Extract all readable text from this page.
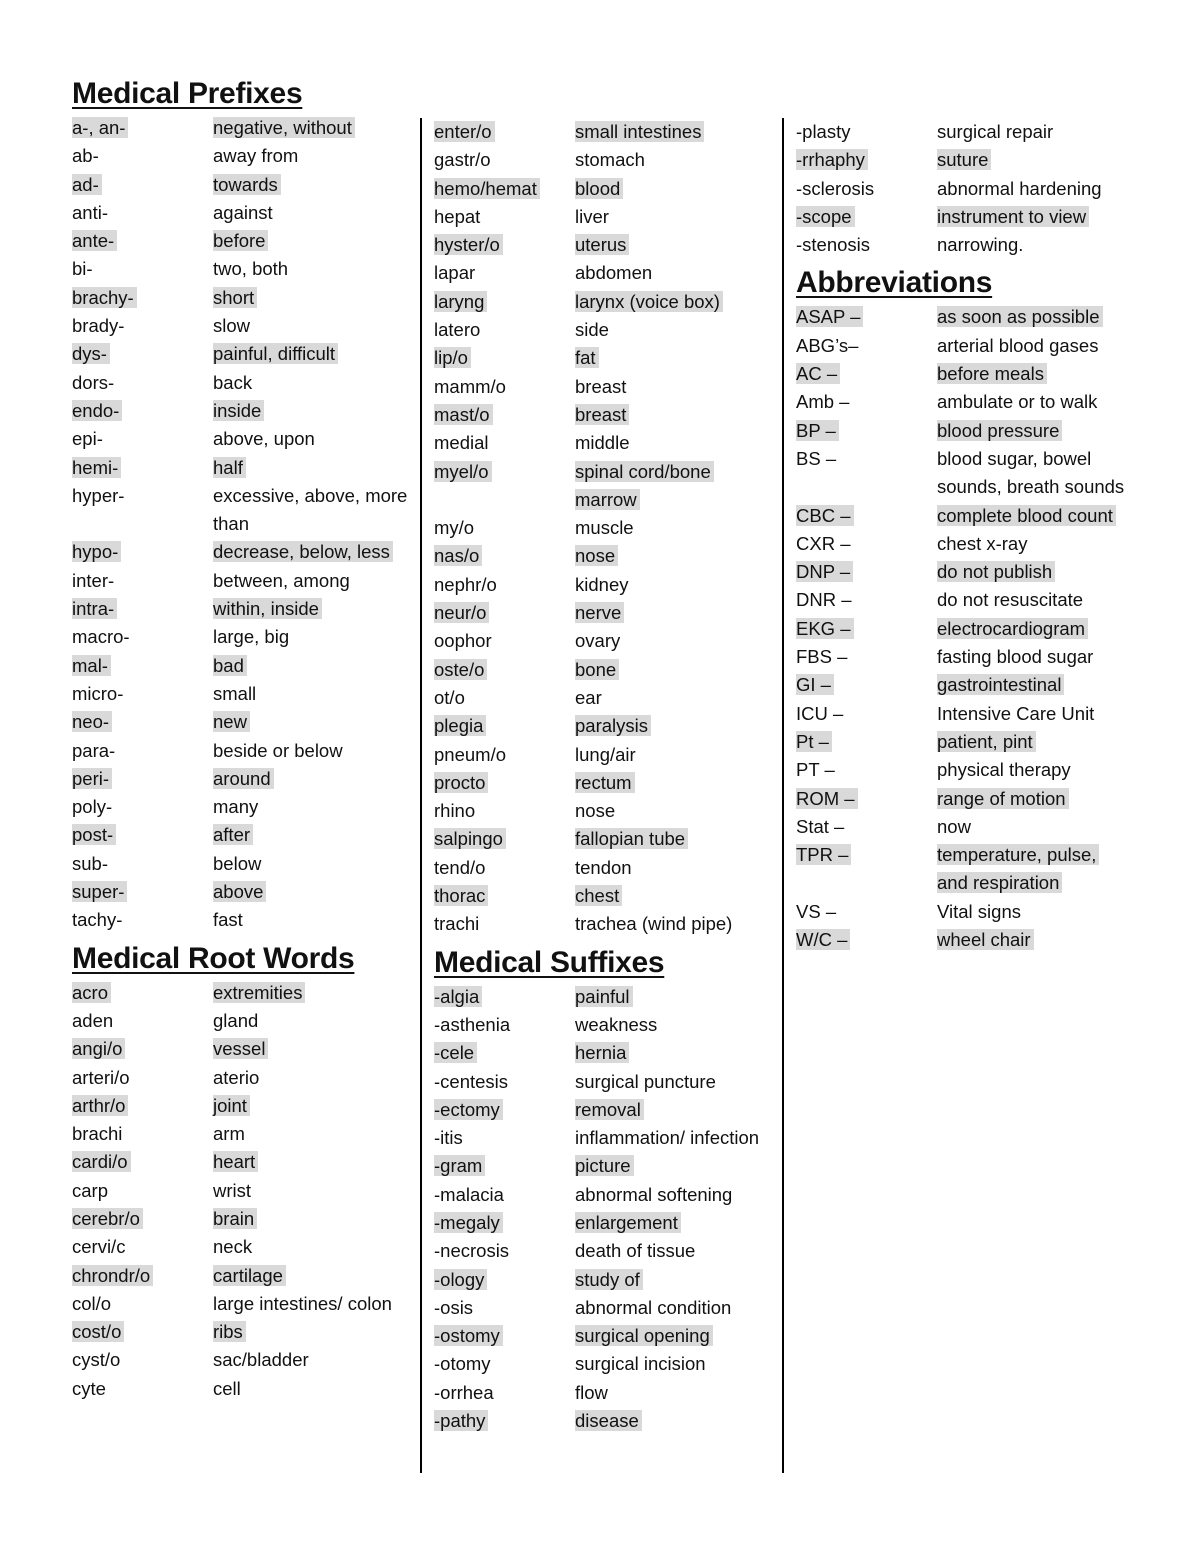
Medical Prefixes
a-, an-	negative, without
ab-	away from
ad-	towards
anti-	against
ante-	before
bi-	two, both
brachy-	short
brady-	slow
dys-	painful, difficult
dors-	back
endo-	inside
epi-	above, upon
hemi-	half
hyper-	excessive, above, more than
hypo-	decrease, below, less
inter-	between, among
intra-	within, inside
macro-	large, big
mal-	bad
micro-	small
neo-	new
para-	beside or below
peri-	around
poly-	many
post-	after
sub-	below
super-	above
tachy-	fast
Medical Root Words
acro	extremities
aden	gland
angi/o	vessel
arteri/o	aterio
arthr/o	joint
brachi	arm
cardi/o	heart
carp	wrist
cerebr/o	brain
cervi/c	neck
chrondr/o	cartilage
col/o	large intestines/ colon
cost/o	ribs
cyst/o	sac/bladder
cyte	cell
enter/o	small intestines
gastr/o	stomach
hemo/hemat	blood
hepat	liver
hyster/o	uterus
lapar	abdomen
laryng	larynx (voice box)
latero	side
lip/o	fat
mamm/o	breast
mast/o	breast
medial	middle
myel/o	spinal cord/bone marrow
my/o	muscle
nas/o	nose
nephr/o	kidney
neur/o	nerve
oophor	ovary
oste/o	bone
ot/o	ear
plegia	paralysis
pneum/o	lung/air
procto	rectum
rhino	nose
salpingo	fallopian tube
tend/o	tendon
thorac	chest
trachi	trachea (wind pipe)
Medical Suffixes
-algia	painful
-asthenia	weakness
-cele	hernia
-centesis	surgical puncture
-ectomy	removal
-itis	inflammation/ infection
-gram	picture
-malacia	abnormal softening
-megaly	enlargement
-necrosis	death of tissue
-ology	study of
-osis	abnormal condition
-ostomy	surgical opening
-otomy	surgical incision
-orrhea	flow
-pathy	disease
-plasty	surgical repair
-rrhaphy	suture
-sclerosis	abnormal hardening
-scope	instrument to view
-stenosis	narrowing.
Abbreviations
ASAP –	as soon as possible
ABG’s–	arterial blood gases
AC –	before meals
Amb –	ambulate or to walk
BP –	blood pressure
BS –	blood sugar, bowel sounds, breath sounds
CBC –	complete blood count
CXR –	chest x-ray
DNP –	do not publish
DNR –	do not resuscitate
EKG –	electrocardiogram
FBS –	fasting blood sugar
GI –	gastrointestinal
ICU –	Intensive Care Unit
Pt –	patient, pint
PT –	physical therapy
ROM –	range of motion
Stat –	now
TPR –	temperature, pulse, and respiration
VS –	Vital signs
W/C –	wheel chair
